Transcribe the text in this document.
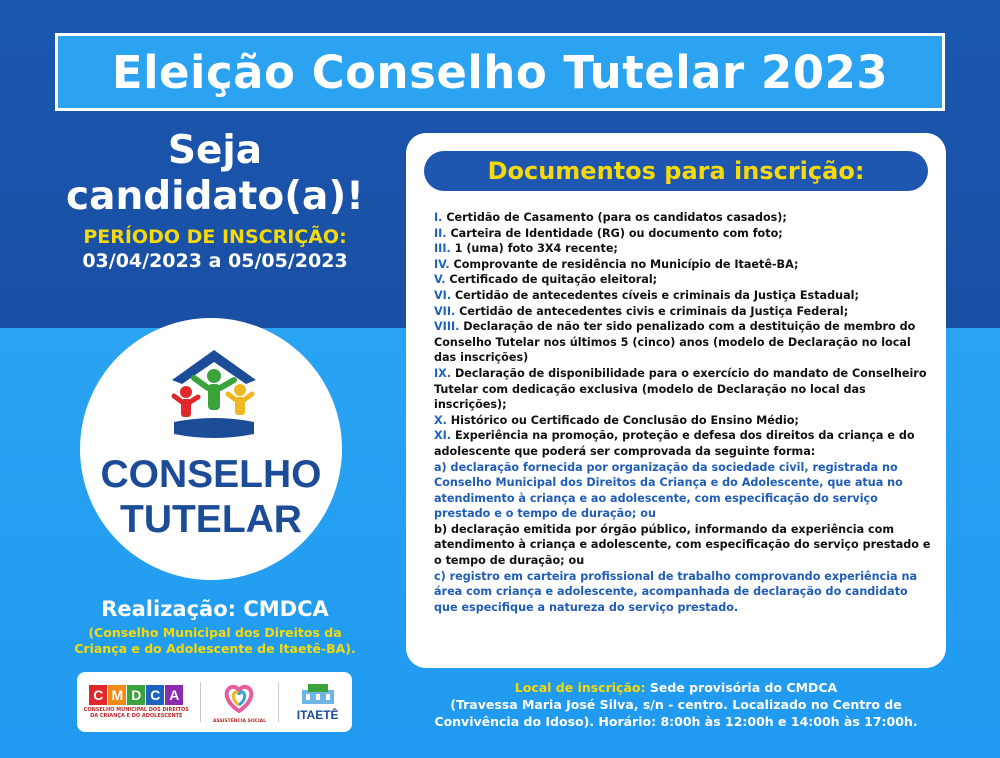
Eleição Conselho Tutelar 2023

Seja

candidato(a)!

PERÍODO DE INSCRIÇÃO:
03/04/2023 a 05/05/2023
CONSELHO
TUTELAR

Realização: CMDCA

(Conselho Municipal dos Direitos da
Criança e do Adolescente de Itaetê-BA).
C M D C A
CONSELHO MUNICIPAL DOS DIREITOS
DA CRIANÇA E DO ADOLESCENTE
ASSISTÊNCIA SOCIAL	ITAETÊ
Documentos para inscrição:

I. Certidão de Casamento (para os candidatos casados);

II. Carteira de Identidade (RG) ou documento com foto;

III. 1 (uma) foto 3X4 recente;

IV. Comprovante de residência no Município de Itaetê-BA;

V. Certificado de quitação eleitoral;

VI. Certidão de antecedentes cíveis e criminais da Justiça Estadual;

VII. Certidão de antecedentes civis e criminais da Justiça Federal;

VIII. Declaração de não ter sido penalizado com a destituição de membro do Conselho Tutelar nos últimos 5 (cinco) anos (modelo de Declaração no local das inscrições)

IX. Declaração de disponibilidade para o exercício do mandato de Conselheiro Tutelar com dedicação exclusiva (modelo de Declaração no local das inscrições);

X. Histórico ou Certificado de Conclusão do Ensino Médio;

XI. Experiência na promoção, proteção e defesa dos direitos da criança e do adolescente que poderá ser comprovada da seguinte forma:

a) declaração fornecida por organização da sociedade civil, registrada no Conselho Municipal dos Direitos da Criança e do Adolescente, que atua no atendimento à criança e ao adolescente, com especificação do serviço prestado e o tempo de duração; ou

b) declaração emitida por órgão público, informando da experiência com atendimento à criança e adolescente, com especificação do serviço prestado e o tempo de duração; ou

c) registro em carteira profissional de trabalho comprovando experiência na área com criança e adolescente, acompanhada de declaração do candidato que especifique a natureza do serviço prestado.

Local de inscrição: Sede provisória do CMDCA
(Travessa Maria José Silva, s/n - centro. Localizado no Centro de
Convivência do Idoso). Horário: 8:00h às 12:00h e 14:00h às 17:00h.
